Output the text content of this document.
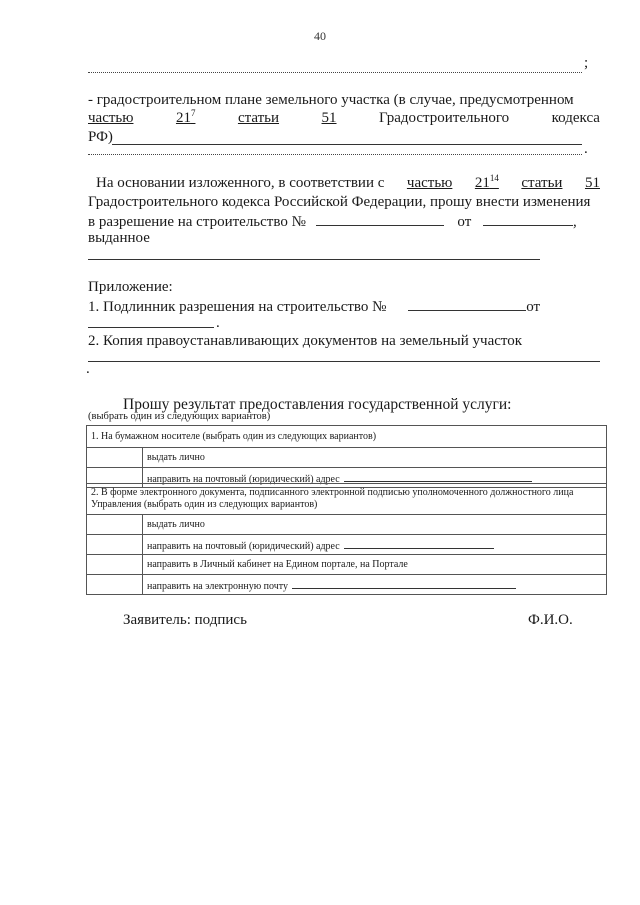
40
;
- градостроительном плане земельного участка (в случае, предусмотренном
частью	$21^7$	статьи	51	Градостроительного	кодекса
РФ)
.
На основании изложенного, в соответствии с частью $21^{14}$ статьи 51
Градостроительного кодекса Российской Федерации, прошу внести изменения
в разрешение на строительство №	от	,
выданное
Приложение:
1. Подлинник разрешения на строительство №	от
.
2. Копия правоустанавливающих документов на земельный участок
.
Прошу результат предоставления государственной услуги:
(выбрать один из следующих вариантов)
1. На бумажном носителе (выбрать один из следующих вариантов)	
	выдать лично
	направить на почтовый (юридический) адрес
2. В форме электронного документа, подписанного электронной подписью уполномоченного должностного лица Управления (выбрать один из следующих вариантов)	
	выдать лично
	направить на почтовый (юридический) адрес
	направить в Личный кабинет на Едином портале, на Портале
	направить на электронную почту
Заявитель: подпись	Ф.И.О.
